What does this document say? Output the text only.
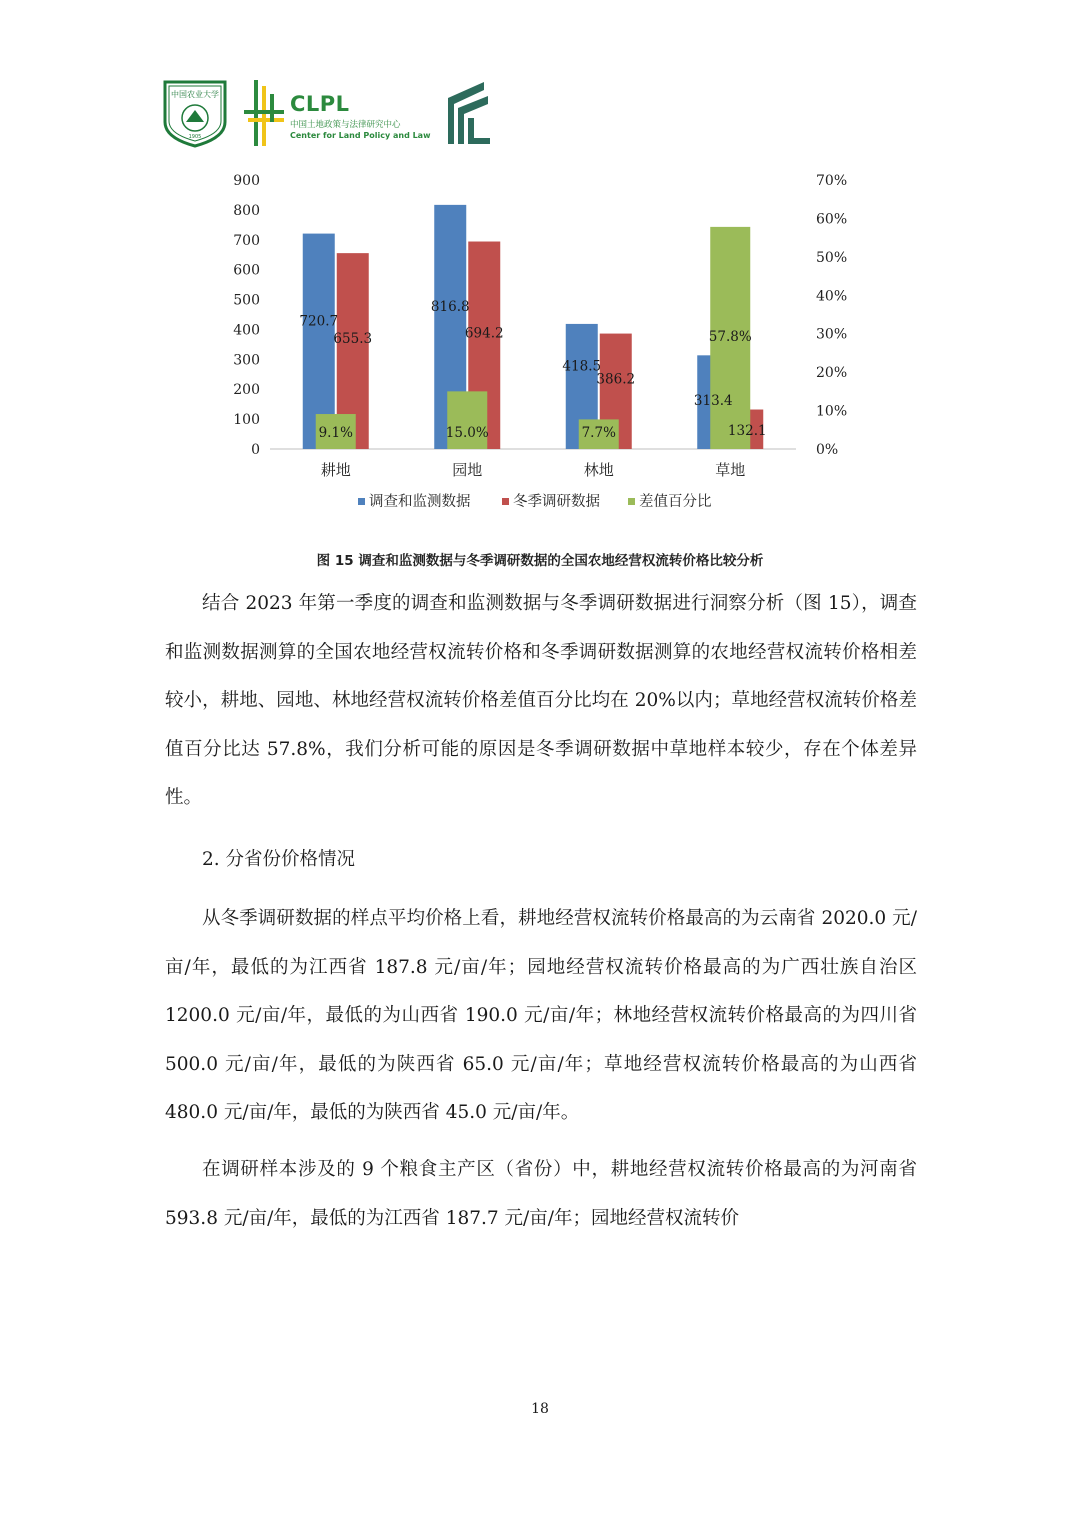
中国农业大学
1905
CLPL
中国土地政策与法律研究中心
Center for Land Policy and Law
0
100
200
300
400
500
600
700
800
900
0%
10%
20%
30%
40%
50%
60%
70%
720.7
655.3
9.1%
耕地
816.8
694.2
15.0%
园地
418.5
386.2
7.7%
林地
313.4
132.1
57.8%
草地
调查和监测数据	冬季调研数据	差值百分比
图 15 调查和监测数据与冬季调研数据的全国农地经营权流转价格比较分析

结合 2023 年第一季度的调查和监测数据与冬季调研数据进行洞察分析（图 15），调查和监测数据测算的全国农地经营权流转价格和冬季调研数据测算的农地经营权流转价格相差较小，耕地、园地、林地经营权流转价格差值百分比均在 20%以内；草地经营权流转价格差值百分比达 57.8%，我们分析可能的原因是冬季调研数据中草地样本较少，存在个体差异性。

2. 分省份价格情况

从冬季调研数据的样点平均价格上看，耕地经营权流转价格最高的为云南省 2020.0 元/亩/年，最低的为江西省 187.8 元/亩/年；园地经营权流转价格最高的为广西壮族自治区 1200.0 元/亩/年，最低的为山西省 190.0 元/亩/年；林地经营权流转价格最高的为四川省 500.0 元/亩/年，最低的为陕西省 65.0 元/亩/年；草地经营权流转价格最高的为山西省 480.0 元/亩/年，最低的为陕西省 45.0 元/亩/年。

在调研样本涉及的 9 个粮食主产区（省份）中，耕地经营权流转价格最高的为河南省 593.8 元/亩/年，最低的为江西省 187.7 元/亩/年；园地经营权流转价

18
